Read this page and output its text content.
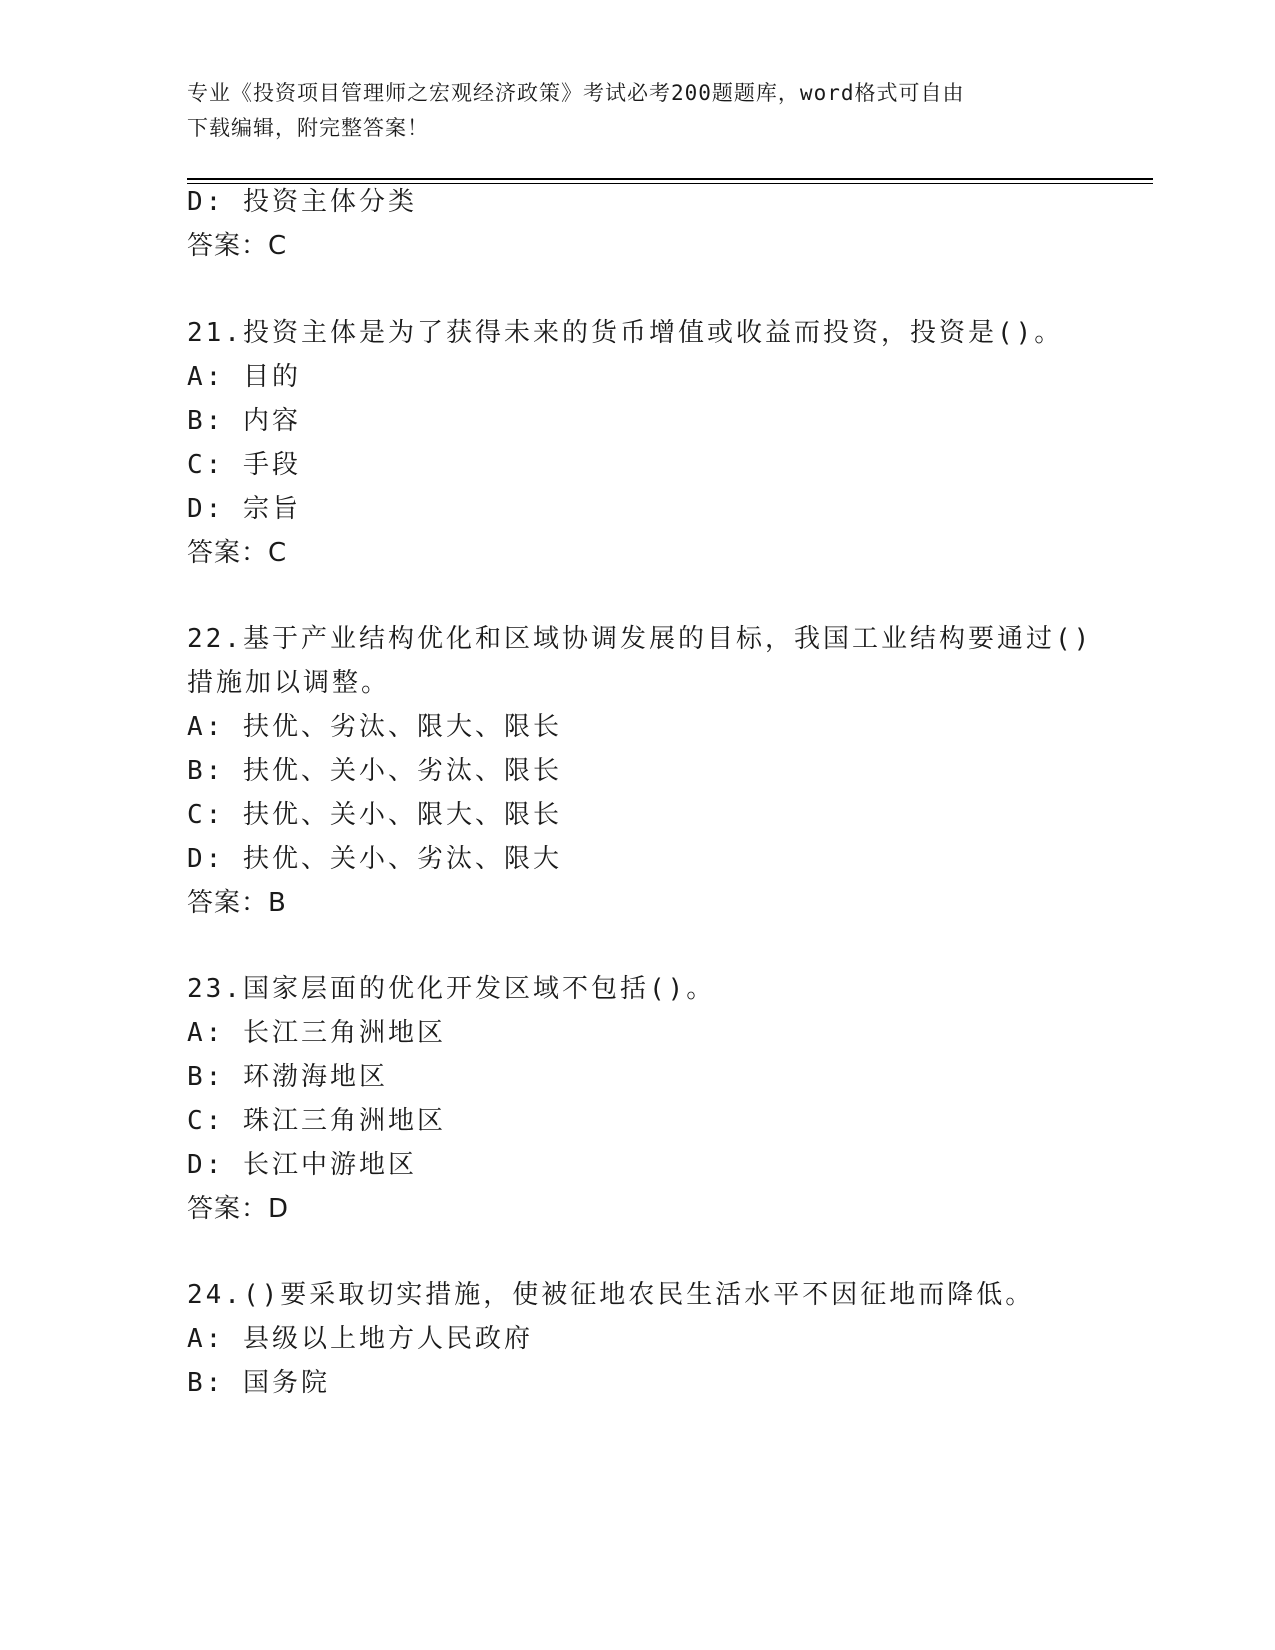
专业《投资项目管理师之宏观经济政策》考试必考200题题库，word格式可自由
下载编辑，附完整答案！
D: 投资主体分类
答案：C
21.投资主体是为了获得未来的货币增值或收益而投资，投资是()。
A: 目的
B: 内容
C: 手段
D: 宗旨
答案：C
22.基于产业结构优化和区域协调发展的目标，我国工业结构要通过()
措施加以调整。
A: 扶优、劣汰、限大、限长
B: 扶优、关小、劣汰、限长
C: 扶优、关小、限大、限长
D: 扶优、关小、劣汰、限大
答案：B
23.国家层面的优化开发区域不包括()。
A: 长江三角洲地区
B: 环渤海地区
C: 珠江三角洲地区
D: 长江中游地区
答案：D
24.()要采取切实措施，使被征地农民生活水平不因征地而降低。
A: 县级以上地方人民政府
B: 国务院
